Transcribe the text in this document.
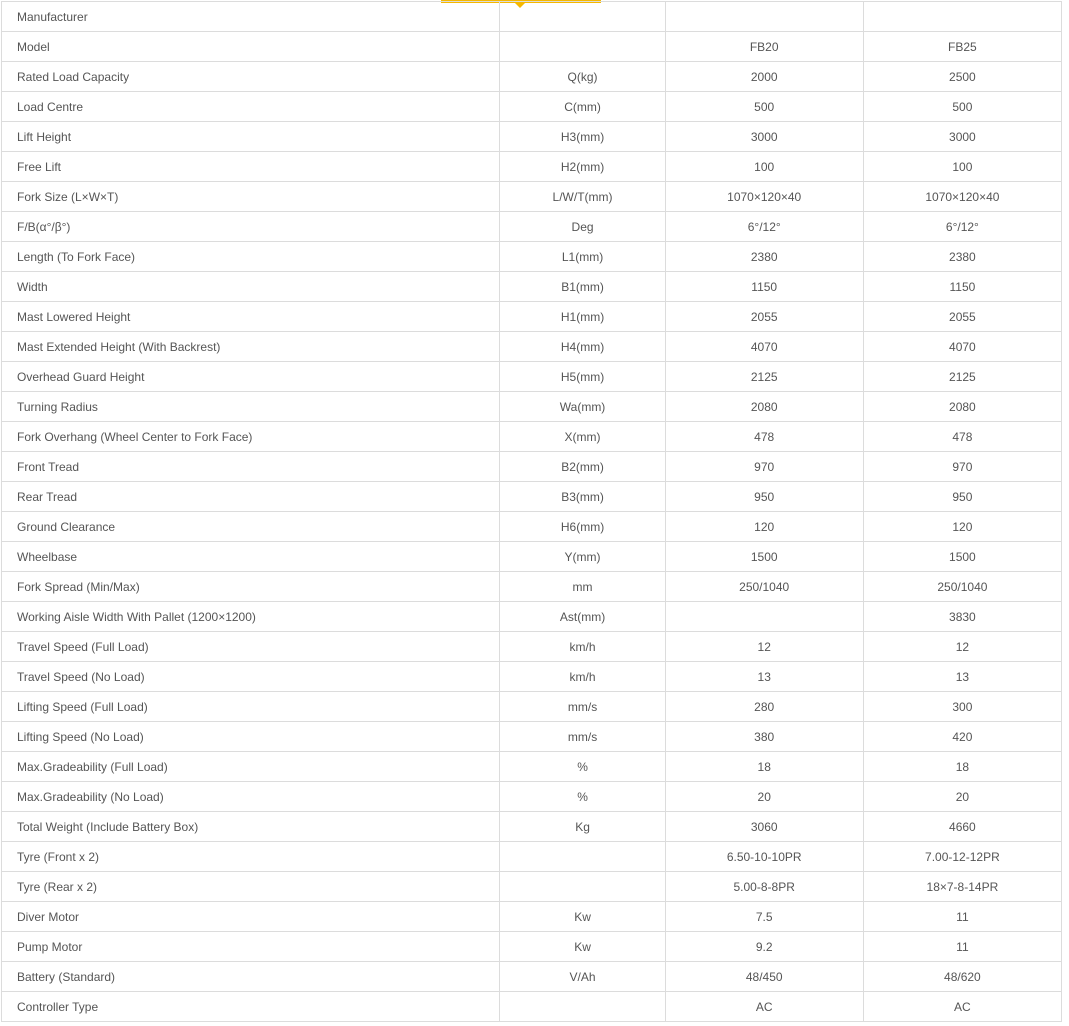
Manufacturer			
Model		FB20	FB25
Rated Load Capacity	Q(kg)	2000	2500
Load Centre	C(mm)	500	500
Lift Height	H3(mm)	3000	3000
Free Lift	H2(mm)	100	100
Fork Size (L×W×T)	L/W/T(mm)	1070×120×40	1070×120×40
F/B(α°/β°)	Deg	6°/12°	6°/12°
Length (To Fork Face)	L1(mm)	2380	2380
Width	B1(mm)	1150	1150
Mast Lowered Height	H1(mm)	2055	2055
Mast Extended Height (With Backrest)	H4(mm)	4070	4070
Overhead Guard Height	H5(mm)	2125	2125
Turning Radius	Wa(mm)	2080	2080
Fork Overhang (Wheel Center to Fork Face)	X(mm)	478	478
Front Tread	B2(mm)	970	970
Rear Tread	B3(mm)	950	950
Ground Clearance	H6(mm)	120	120
Wheelbase	Y(mm)	1500	1500
Fork Spread (Min/Max)	mm	250/1040	250/1040
Working Aisle Width With Pallet (1200×1200)	Ast(mm)		3830
Travel Speed (Full Load)	km/h	12	12
Travel Speed (No Load)	km/h	13	13
Lifting Speed (Full Load)	mm/s	280	300
Lifting Speed (No Load)	mm/s	380	420
Max.Gradeability (Full Load)	%	18	18
Max.Gradeability (No Load)	%	20	20
Total Weight (Include Battery Box)	Kg	3060	4660
Tyre (Front x 2)		6.50-10-10PR	7.00-12-12PR
Tyre (Rear x 2)		5.00-8-8PR	18×7-8-14PR
Diver Motor	Kw	7.5	11
Pump Motor	Kw	9.2	11
Battery (Standard)	V/Ah	48/450	48/620
Controller Type		AC	AC
